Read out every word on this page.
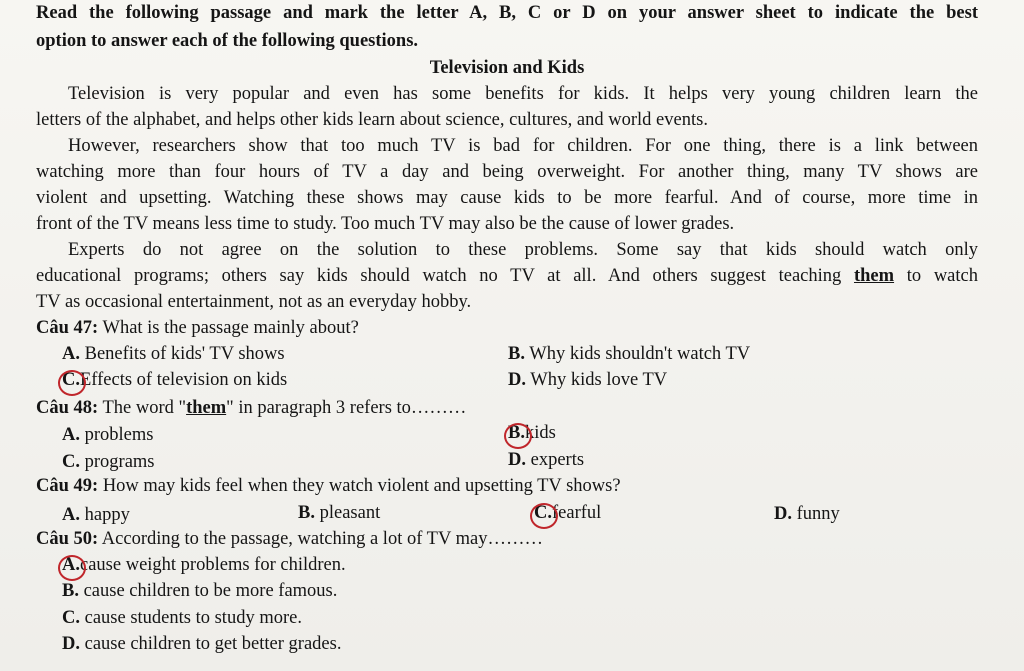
Read the following passage and mark the letter A, B, C or D on your answer sheet to indicate the best
option to answer each of the following questions.
Television and Kids
Television is very popular and even has some benefits for kids. It helps very young children learn the
letters of the alphabet, and helps other kids learn about science, cultures, and world events.
However, researchers show that too much TV is bad for children. For one thing, there is a link between
watching more than four hours of TV a day and being overweight. For another thing, many TV shows are
violent and upsetting. Watching these shows may cause kids to be more fearful. And of course, more time in
front of the TV means less time to study. Too much TV may also be the cause of lower grades.
Experts do not agree on the solution to these problems. Some say that kids should watch only
educational programs; others say kids should watch no TV at all. And others suggest teaching them to watch
TV as occasional entertainment, not as an everyday hobby.
Câu 47: What is the passage mainly about?
A. Benefits of kids' TV shows	B. Why kids shouldn't watch TV
C.Effects of television on kids	D. Why kids love TV
Câu 48: The word "them" in paragraph 3 refers to………
A. problems	B.kids
C. programs	D. experts
Câu 49: How may kids feel when they watch violent and upsetting TV shows?
A. happy	B. pleasant	C.fearful	D. funny
Câu 50: According to the passage, watching a lot of TV may………
A.cause weight problems for children.
B. cause children to be more famous.
C. cause students to study more.
D. cause children to get better grades.
